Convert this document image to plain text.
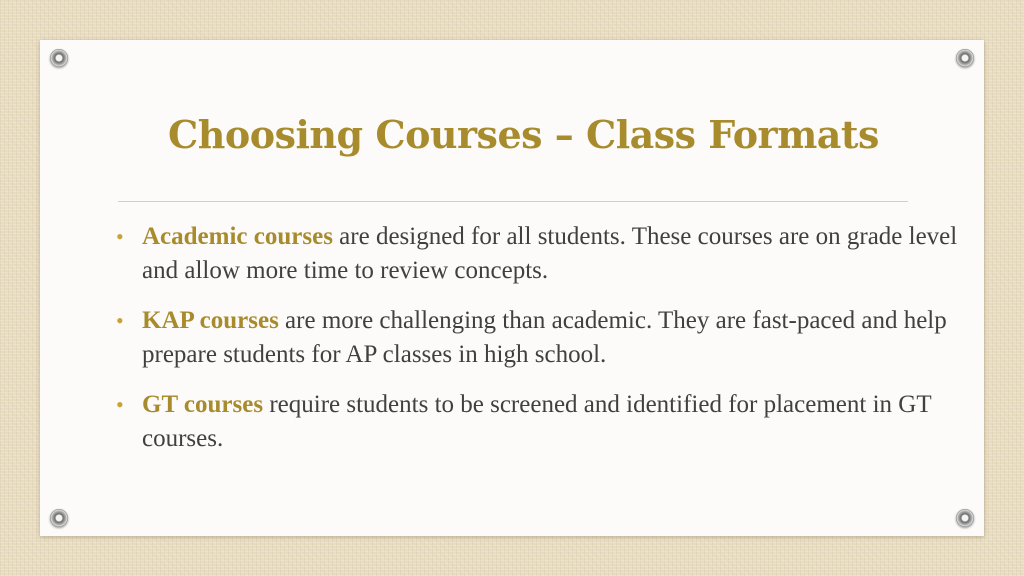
Choosing Courses – Class Formats
• Academic courses are designed for all students. These courses are on grade level and allow more time to review concepts.
• KAP courses are more challenging than academic. They are fast-paced and help prepare students for AP classes in high school.
• GT courses require students to be screened and identified for placement in GT courses.
